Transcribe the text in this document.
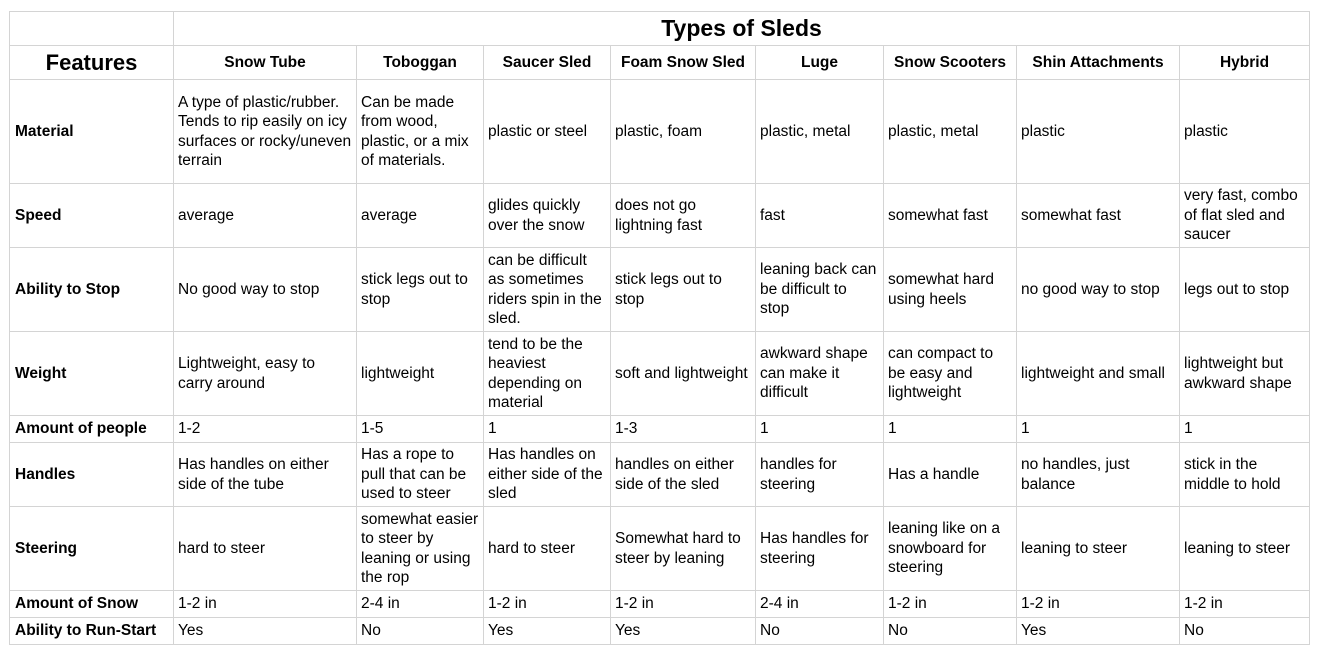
	Types of Sleds							
Features	Snow Tube	Toboggan	Saucer Sled	Foam Snow Sled	Luge	Snow Scooters	Shin Attachments	Hybrid
Material	A type of plastic/rubber. Tends to rip easily on icy surfaces or rocky/uneven terrain	Can be made from wood, plastic, or a mix of materials.	plastic or steel	plastic, foam	plastic, metal	plastic, metal	plastic	plastic
Speed	average	average	glides quickly over the snow	does not go lightning fast	fast	somewhat fast	somewhat fast	very fast, combo of flat sled and saucer
Ability to Stop	No good way to stop	stick legs out to stop	can be difficult as sometimes riders spin in the sled.	stick legs out to stop	leaning back can be difficult to stop	somewhat hard using heels	no good way to stop	legs out to stop
Weight	Lightweight, easy to carry around	lightweight	tend to be the heaviest depending on material	soft and lightweight	awkward shape can make it difficult	can compact to be easy and lightweight	lightweight and small	lightweight but awkward shape
Amount of people	1-2	1-5	1	1-3	1	1	1	1
Handles	Has handles on either side of the tube	Has a rope to pull that can be used to steer	Has handles on either side of the sled	handles on either side of the sled	handles for steering	Has a handle	no handles, just balance	stick in the middle to hold
Steering	hard to steer	somewhat easier to steer by leaning or using the rop	hard to steer	Somewhat hard to steer by leaning	Has handles for steering	leaning like on a snowboard for steering	leaning to steer	leaning to steer
Amount of Snow	1-2 in	2-4 in	1-2 in	1-2 in	2-4 in	1-2 in	1-2 in	1-2 in
Ability to Run-Start	Yes	No	Yes	Yes	No	No	Yes	No
